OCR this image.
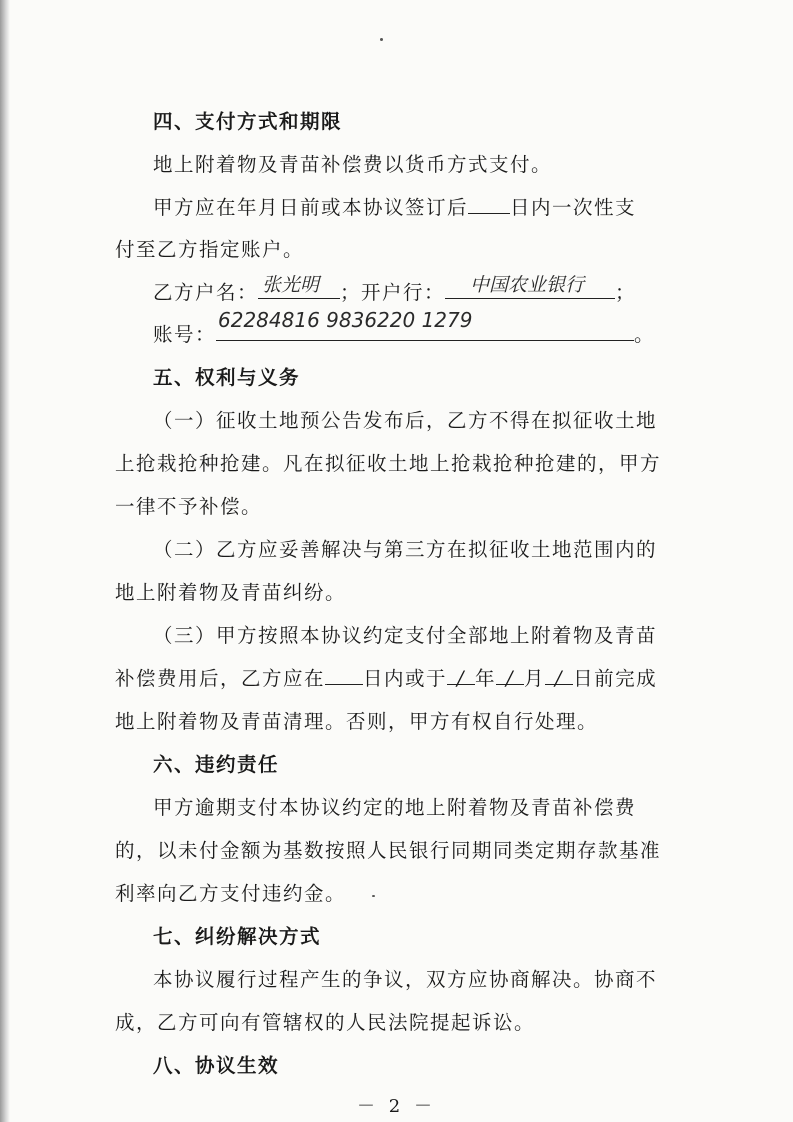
四、支付方式和期限
地上附着物及青苗补偿费以货币方式支付。
甲方应在年月日前或本协议签订后 日内一次性支
付至乙方指定账户。
乙方户名：	；开户行：	；
张光明	中国农业银行
账号：	。
62284816 9836220 1279
五、权利与义务
（一）征收土地预公告发布后，乙方不得在拟征收土地
上抢栽抢种抢建。凡在拟征收土地上抢栽抢种抢建的，甲方
一律不予补偿。
（二）乙方应妥善解决与第三方在拟征收土地范围内的
地上附着物及青苗纠纷。
（三）甲方按照本协议约定支付全部地上附着物及青苗
补偿费用后，乙方应在 日内或于 / 年 / 月 / 日前完成
地上附着物及青苗清理。否则，甲方有权自行处理。
六、违约责任
甲方逾期支付本协议约定的地上附着物及青苗补偿费
的，以未付金额为基数按照人民银行同期同类定期存款基准
利率向乙方支付违约金。
七、纠纷解决方式
本协议履行过程产生的争议，双方应协商解决。协商不
成，乙方可向有管辖权的人民法院提起诉讼。
八、协议生效
－ 2 －
